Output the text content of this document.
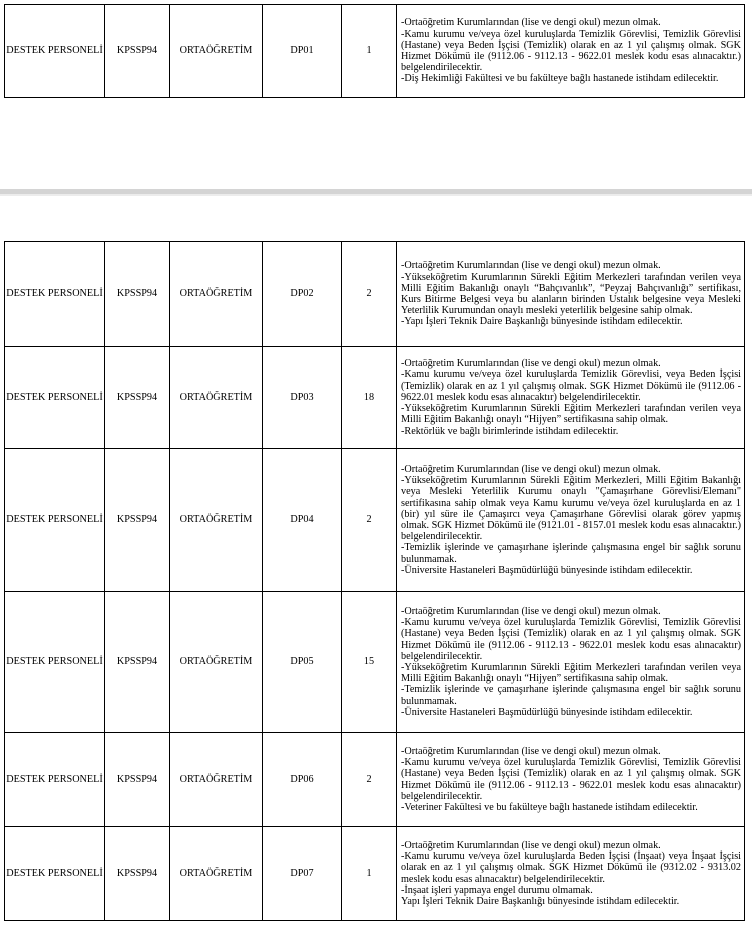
DESTEK PERSONELİ	KPSSP94	ORTAÖĞRETİM	DP01	1	
-Ortaöğretim Kurumlarından (lise ve dengi okul) mezun olmak.
-Kamu kurumu ve/veya özel kuruluşlarda Temizlik Görevlisi, Temizlik Görevlisi (Hastane) veya Beden İşçisi (Temizlik) olarak en az 1 yıl çalışmış olmak. SGK Hizmet Dökümü ile (9112.06 - 9112.13 - 9622.01 meslek kodu esas alınacaktır.) belgelendirilecektir.
-Diş Hekimliği Fakültesi ve bu fakülteye bağlı hastanede istihdam edilecektir.
DESTEK PERSONELİ	KPSSP94	ORTAÖĞRETİM	DP02	2	-Ortaöğretim Kurumlarından (lise ve dengi okul) mezun olmak.
-Yükseköğretim Kurumlarının Sürekli Eğitim Merkezleri tarafından verilen veya Milli Eğitim Bakanlığı onaylı “Bahçıvanlık”, “Peyzaj Bahçıvanlığı” sertifikası, Kurs Bitirme Belgesi veya bu alanların birinden Ustalık belgesine veya Mesleki Yeterlilik Kurumundan onaylı mesleki yeterlilik belgesine sahip olmak.
-Yapı İşleri Teknik Daire Başkanlığı bünyesinde istihdam edilecektir.

DESTEK PERSONELİ	KPSSP94	ORTAÖĞRETİM	DP03	18	-Ortaöğretim Kurumlarından (lise ve dengi okul) mezun olmak.
-Kamu kurumu ve/veya özel kuruluşlarda Temizlik Görevlisi, veya Beden İşçisi (Temizlik) olarak en az 1 yıl çalışmış olmak. SGK Hizmet Dökümü ile (9112.06 - 9622.01 meslek kodu esas alınacaktır) belgelendirilecektir.
-Yükseköğretim Kurumlarının Sürekli Eğitim Merkezleri tarafından verilen veya Milli Eğitim Bakanlığı onaylı “Hijyen” sertifikasına sahip olmak.
-Rektörlük ve bağlı birimlerinde istihdam edilecektir.

DESTEK PERSONELİ	KPSSP94	ORTAÖĞRETİM	DP04	2	-Ortaöğretim Kurumlarından (lise ve dengi okul) mezun olmak.
-Yükseköğretim Kurumlarının Sürekli Eğitim Merkezleri, Milli Eğitim Bakanlığı veya Mesleki Yeterlilik Kurumu onaylı "Çamaşırhane Görevlisi/Elemanı" sertifikasına sahip olmak veya Kamu kurumu ve/veya özel kuruluşlarda en az 1 (bir) yıl süre ile Çamaşırcı veya Çamaşırhane Görevlisi olarak görev yapmış olmak. SGK Hizmet Dökümü ile (9121.01 - 8157.01 meslek kodu esas alınacaktır.) belgelendirilecektir.
-Temizlik işlerinde ve çamaşırhane işlerinde çalışmasına engel bir sağlık sorunu bulunmamak.
-Üniversite Hastaneleri Başmüdürlüğü bünyesinde istihdam edilecektir.

DESTEK PERSONELİ	KPSSP94	ORTAÖĞRETİM	DP05	15	-Ortaöğretim Kurumlarından (lise ve dengi okul) mezun olmak.
-Kamu kurumu ve/veya özel kuruluşlarda Temizlik Görevlisi, Temizlik Görevlisi (Hastane) veya Beden İşçisi (Temizlik) olarak en az 1 yıl çalışmış olmak. SGK Hizmet Dökümü ile (9112.06 - 9112.13 - 9622.01 meslek kodu esas alınacaktır) belgelendirilecektir.
-Yükseköğretim Kurumlarının Sürekli Eğitim Merkezleri tarafından verilen veya Milli Eğitim Bakanlığı onaylı “Hijyen” sertifikasına sahip olmak.
-Temizlik işlerinde ve çamaşırhane işlerinde çalışmasına engel bir sağlık sorunu bulunmamak.
-Üniversite Hastaneleri Başmüdürlüğü bünyesinde istihdam edilecektir.

DESTEK PERSONELİ	KPSSP94	ORTAÖĞRETİM	DP06	2	-Ortaöğretim Kurumlarından (lise ve dengi okul) mezun olmak.
-Kamu kurumu ve/veya özel kuruluşlarda Temizlik Görevlisi, Temizlik Görevlisi (Hastane) veya Beden İşçisi (Temizlik) olarak en az 1 yıl çalışmış olmak. SGK Hizmet Dökümü ile (9112.06 - 9112.13 - 9622.01 meslek kodu esas alınacaktır) belgelendirilecektir.
-Veteriner Fakültesi ve bu fakülteye bağlı hastanede istihdam edilecektir.

DESTEK PERSONELİ	KPSSP94	ORTAÖĞRETİM	DP07	1	-Ortaöğretim Kurumlarından (lise ve dengi okul) mezun olmak.
-Kamu kurumu ve/veya özel kuruluşlarda Beden İşçisi (İnşaat) veya İnşaat İşçisi olarak en az 1 yıl çalışmış olmak. SGK Hizmet Dökümü ile (9312.02 - 9313.02 meslek kodu esas alınacaktır) belgelendirilecektir.
-İnşaat işleri yapmaya engel durumu olmamak.
Yapı İşleri Teknik Daire Başkanlığı bünyesinde istihdam edilecektir.
